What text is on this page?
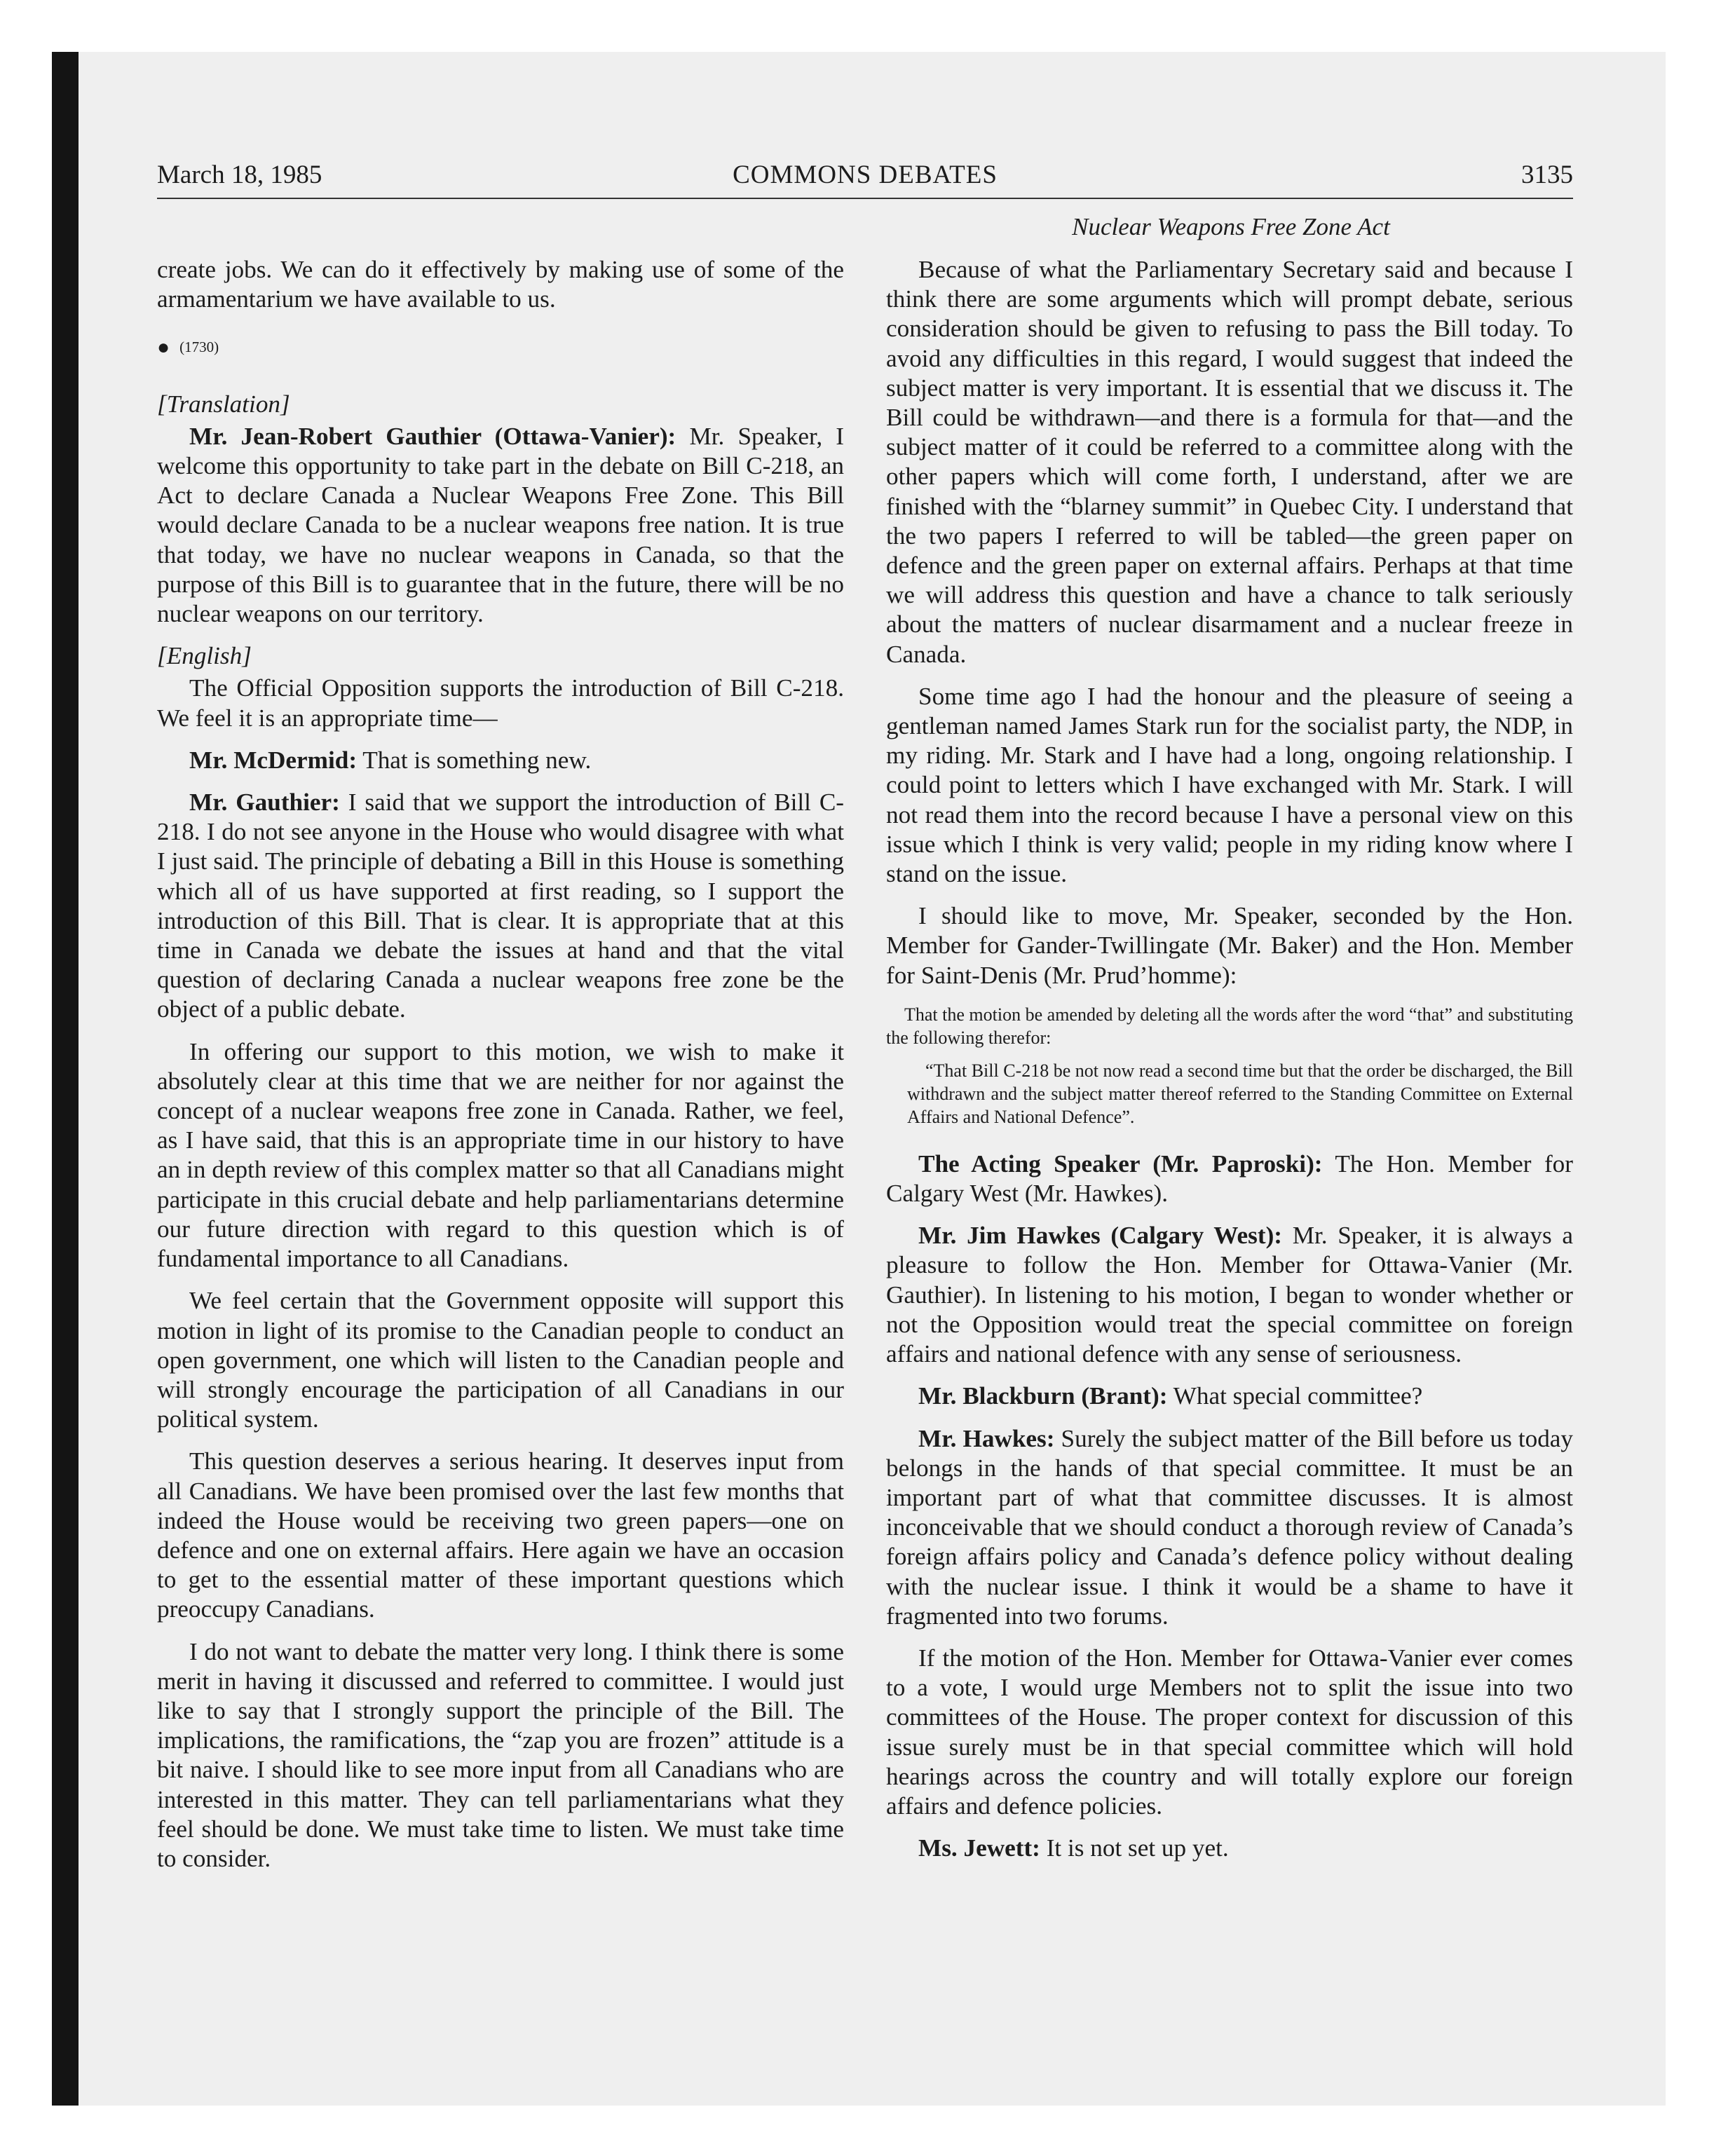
March 18, 1985	COMMONS DEBATES	3135
Nuclear Weapons Free Zone Act

create jobs. We can do it effectively by making use of some of the armamentarium we have available to us.

● (1730)

[Translation]

Mr. Jean-Robert Gauthier (Ottawa-Vanier): Mr. Speaker, I welcome this opportunity to take part in the debate on Bill C-218, an Act to declare Canada a Nuclear Weapons Free Zone. This Bill would declare Canada to be a nuclear weapons free nation. It is true that today, we have no nuclear weapons in Canada, so that the purpose of this Bill is to guarantee that in the future, there will be no nuclear weapons on our territory.

[English]

The Official Opposition supports the introduction of Bill C-218. We feel it is an appropriate time—

Mr. McDermid: That is something new.

Mr. Gauthier: I said that we support the introduction of Bill C-218. I do not see anyone in the House who would disagree with what I just said. The principle of debating a Bill in this House is something which all of us have supported at first reading, so I support the introduction of this Bill. That is clear. It is appropriate that at this time in Canada we debate the issues at hand and that the vital question of declaring Canada a nuclear weapons free zone be the object of a public debate.

In offering our support to this motion, we wish to make it absolutely clear at this time that we are neither for nor against the concept of a nuclear weapons free zone in Canada. Rather, we feel, as I have said, that this is an appropriate time in our history to have an in depth review of this complex matter so that all Canadians might participate in this crucial debate and help parliamentarians determine our future direction with regard to this question which is of fundamental importance to all Canadians.

We feel certain that the Government opposite will support this motion in light of its promise to the Canadian people to conduct an open government, one which will listen to the Canadian people and will strongly encourage the participation of all Canadians in our political system.

This question deserves a serious hearing. It deserves input from all Canadians. We have been promised over the last few months that indeed the House would be receiving two green papers—one on defence and one on external affairs. Here again we have an occasion to get to the essential matter of these important questions which preoccupy Canadians.

I do not want to debate the matter very long. I think there is some merit in having it discussed and referred to committee. I would just like to say that I strongly support the principle of the Bill. The implications, the ramifications, the “zap you are frozen” attitude is a bit naive. I should like to see more input from all Canadians who are interested in this matter. They can tell parliamentarians what they feel should be done. We must take time to listen. We must take time to consider.

Because of what the Parliamentary Secretary said and because I think there are some arguments which will prompt debate, serious consideration should be given to refusing to pass the Bill today. To avoid any difficulties in this regard, I would suggest that indeed the subject matter is very important. It is essential that we discuss it. The Bill could be withdrawn—and there is a formula for that—and the subject matter of it could be referred to a committee along with the other papers which will come forth, I understand, after we are finished with the “blarney summit” in Quebec City. I understand that the two papers I referred to will be tabled—the green paper on defence and the green paper on external affairs. Perhaps at that time we will address this question and have a chance to talk seriously about the matters of nuclear disarmament and a nuclear freeze in Canada.

Some time ago I had the honour and the pleasure of seeing a gentleman named James Stark run for the socialist party, the NDP, in my riding. Mr. Stark and I have had a long, ongoing relationship. I could point to letters which I have exchanged with Mr. Stark. I will not read them into the record because I have a personal view on this issue which I think is very valid; people in my riding know where I stand on the issue.

I should like to move, Mr. Speaker, seconded by the Hon. Member for Gander-Twillingate (Mr. Baker) and the Hon. Member for Saint-Denis (Mr. Prud’homme):

That the motion be amended by deleting all the words after the word “that” and substituting the following therefor:

“That Bill C-218 be not now read a second time but that the order be discharged, the Bill withdrawn and the subject matter thereof referred to the Standing Committee on External Affairs and National Defence”.

The Acting Speaker (Mr. Paproski): The Hon. Member for Calgary West (Mr. Hawkes).

Mr. Jim Hawkes (Calgary West): Mr. Speaker, it is always a pleasure to follow the Hon. Member for Ottawa-Vanier (Mr. Gauthier). In listening to his motion, I began to wonder whether or not the Opposition would treat the special committee on foreign affairs and national defence with any sense of seriousness.

Mr. Blackburn (Brant): What special committee?

Mr. Hawkes: Surely the subject matter of the Bill before us today belongs in the hands of that special committee. It must be an important part of what that committee discusses. It is almost inconceivable that we should conduct a thorough review of Canada’s foreign affairs policy and Canada’s defence policy without dealing with the nuclear issue. I think it would be a shame to have it fragmented into two forums.

If the motion of the Hon. Member for Ottawa-Vanier ever comes to a vote, I would urge Members not to split the issue into two committees of the House. The proper context for discussion of this issue surely must be in that special committee which will hold hearings across the country and will totally explore our foreign affairs and defence policies.

Ms. Jewett: It is not set up yet.
